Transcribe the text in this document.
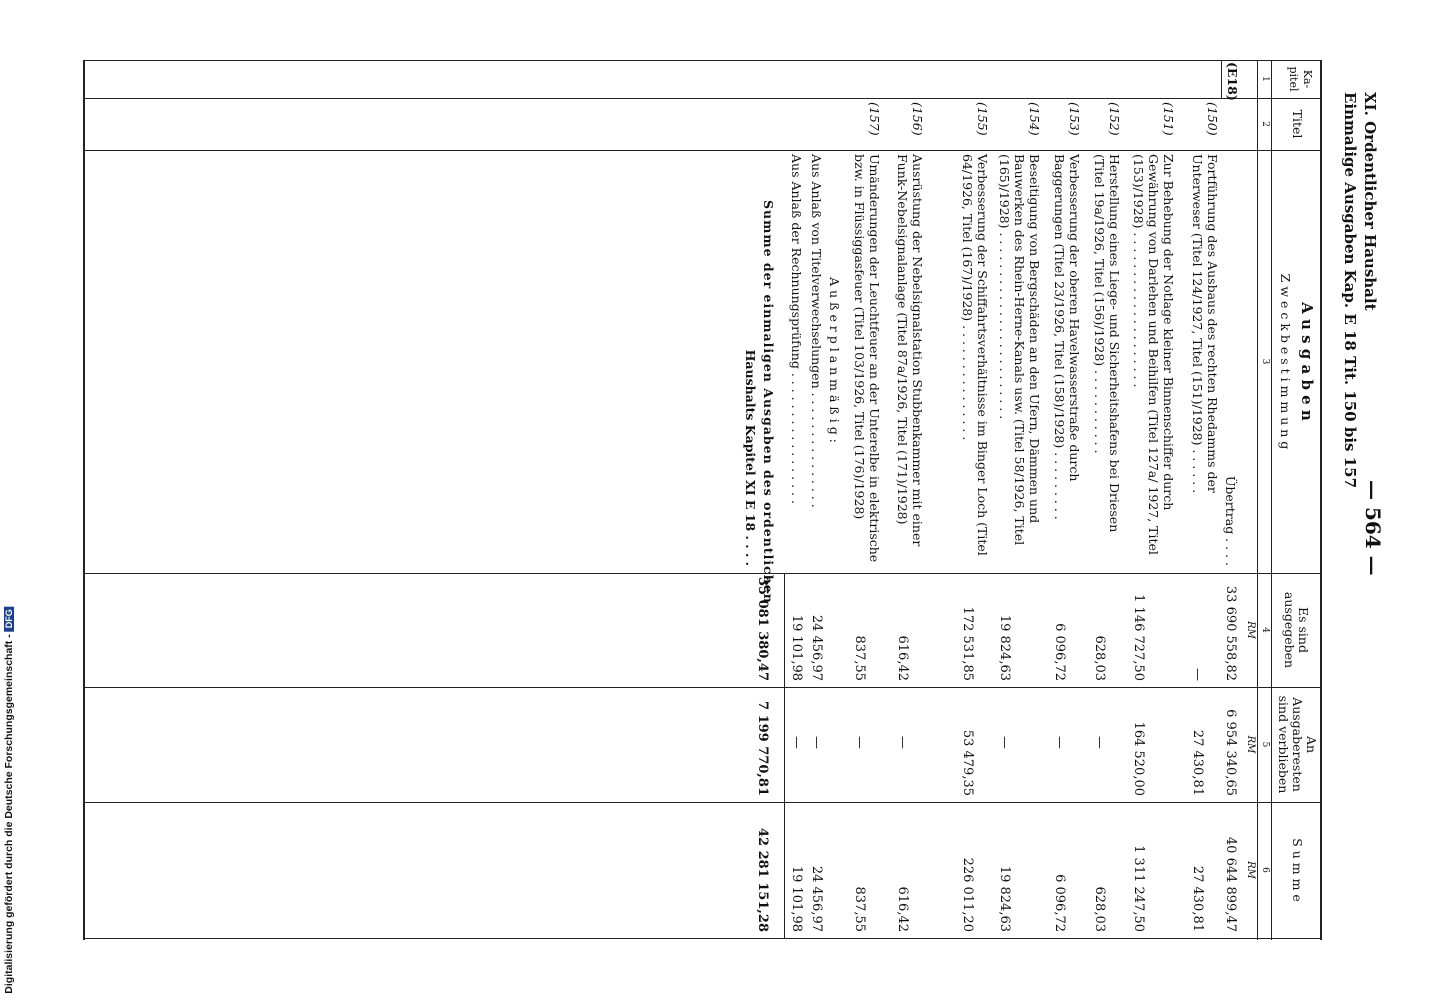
Digitalisierung gefördert durch die Deutsche Forschungsgemeinschaft -DFG
XI. Ordentlicher Haushalt
Einmalige Ausgaben Kap. E 18 Tit. 150 bis 157
— 564 —
Ka-
pitel
Titel
A u s g a b e n
Z w e c k b e s t i m m u n g
Es sind
ausgegeben
An
Ausgaberesten
sind verblieben
S u m m e
1
2
3
4
5
6
RM
RM
RM
(E18)
Übertrag . . . .
33 690 558,82
6 954 340,65
40 644 899,47
(150)
Fortführung des Ausbaus des rechten Rhedamms der Unterweser (Titel 124/1927, Titel (151)/1928) . . . . . .
—
27 430,81
27 430,81
(151)
Zur Behebung der Notlage kleiner Binnenschiffer durch Gewährung von Darlehen und Beihilfen (Titel 127a/ 1927, Titel (153)/1928) . . . . . . . . . . . . . . . . . . . .
1 146 727,50
164 520,00
1 311 247,50
(152)
Herstellung eines Liege- und Sicherheitshafens bei Driesen (Titel 19a/1926, Titel (156)/1928) . . . . . . . . . . .
628,03
—
628,03
(153)
Verbesserung der oberen Havelwasserstraße durch Baggerungen (Titel 23/1926, Titel (158)/1928) . . . . . . . . .
6 096,72
—
6 096,72
(154)
Beseitigung von Bergschäden an den Ufern, Dämmen und Bauwerken des Rhein-Herne-Kanals usw. (Titel 58/1926, Titel (165)/1928) . . . . . . . . . . . . . . . . . . . . . . . .
19 824,63
—
19 824,63
(155)
Verbesserung der Schiffahrtsverhältnisse im Binger Loch (Titel 64/1926, Titel (167)/1928) . . . . . . . . . . . . . . .
172 531,85
53 479,35
226 011,20
(156)
Ausrüstung der Nebelsignalstation Stubbenkammer mit einer Funk-Nebelsignalanlage (Titel 87a/1926, Titel (171)/1928)
616,42
—
616,42
(157)
Umänderungen der Leuchtfeuer an der Unterelbe in elektrische bzw. in Flüssiggasfeuer (Titel 103/1926, Titel (176)/1928)
837,55
—
837,55
A u ß e r p l a n m ä ß i g :
Aus Anlaß von Titelverwechselungen . . . . . . . . . . . . . . .
24 456,97
—
24 456,97
Aus Anlaß der Rechnungsprüfung . . . . . . . . . . . . . . . . .
19 101,98
—
19 101,98
Summe der einmaligen Ausgaben des ordentlichen
Haushalts Kapitel XI E 18 . . . .
35 081 380,47
7 199 770,81
42 281 151,28
